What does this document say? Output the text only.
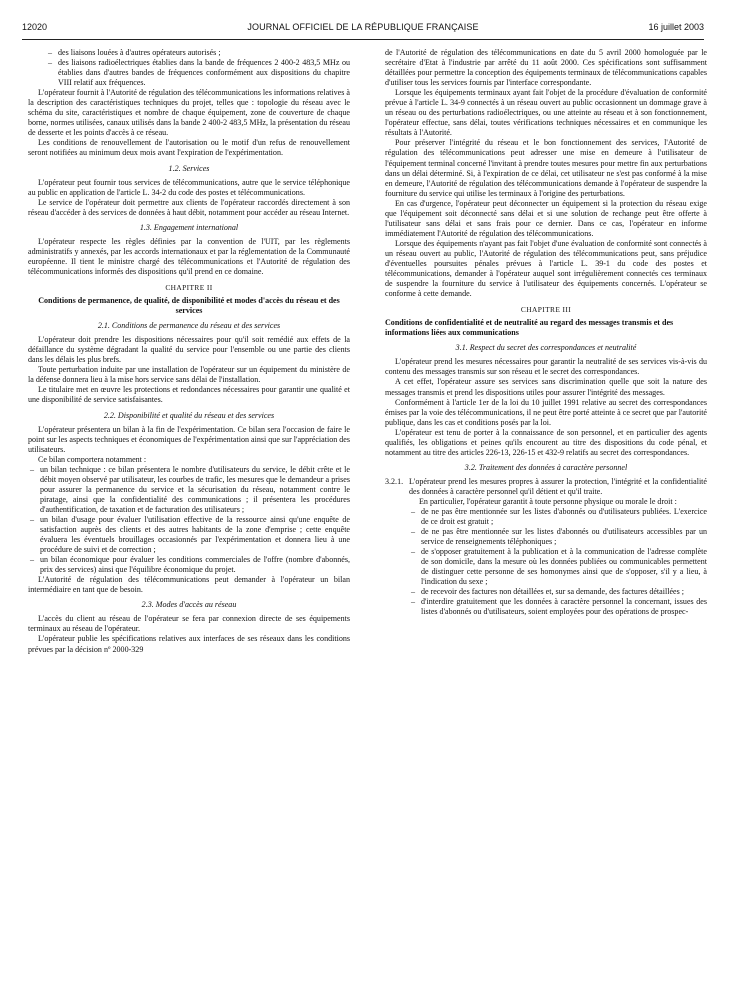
12020	JOURNAL OFFICIEL DE LA RÉPUBLIQUE FRANÇAISE	16 juillet 2003
– des liaisons louées à d'autres opérateurs autorisés ;
– des liaisons radioélectriques établies dans la bande de fréquences 2 400-2 483,5 MHz ou établies dans d'autres bandes de fréquences conformément aux dispositions du chapitre VIII relatif aux fréquences.

L'opérateur fournit à l'Autorité de régulation des télécommunications les informations relatives à la description des caractéristiques techniques du projet, telles que : topologie du réseau avec le schéma du site, caractéristiques et nombre de chaque équipement, zone de couverture de chaque borne, normes utilisées, canaux utilisés dans la bande 2 400-2 483,5 MHz, la présentation du réseau de desserte et les points d'accès à ce réseau.

Les conditions de renouvellement de l'autorisation ou le motif d'un refus de renouvellement seront notifiées au minimum deux mois avant l'expiration de l'expérimentation.

1.2. Services

L'opérateur peut fournir tous services de télécommunications, autre que le service téléphonique au public en application de l'article L. 34-2 du code des postes et télécommunications.

Le service de l'opérateur doit permettre aux clients de l'opérateur raccordés directement à son réseau d'accéder à des services de données à haut débit, notamment pour accéder au réseau Internet.

1.3. Engagement international

L'opérateur respecte les règles définies par la convention de l'UIT, par les règlements administratifs y annexés, par les accords internationaux et par la réglementation de la Communauté européenne. Il tient le ministre chargé des télécommunications et l'Autorité de régulation des télécommunications informés des dispositions qu'il prend en ce domaine.

CHAPITRE II
Conditions de permanence, de qualité, de disponibilité et modes d'accès du réseau et des services
2.1. Conditions de permanence du réseau et des services

L'opérateur doit prendre les dispositions nécessaires pour qu'il soit remédié aux effets de la défaillance du système dégradant la qualité du service pour l'ensemble ou une partie des clients dans les délais les plus brefs.

Toute perturbation induite par une installation de l'opérateur sur un équipement du ministère de la défense donnera lieu à la mise hors service sans délai de l'installation.

Le titulaire met en œuvre les protections et redondances nécessaires pour garantir une qualité et une disponibilité de service satisfaisantes.

2.2. Disponibilité et qualité du réseau et des services

L'opérateur présentera un bilan à la fin de l'expérimentation. Ce bilan sera l'occasion de faire le point sur les aspects techniques et économiques de l'expérimentation ainsi que sur l'appréciation des utilisateurs.

Ce bilan comportera notamment :

– un bilan technique : ce bilan présentera le nombre d'utilisateurs du service, le débit crête et le débit moyen observé par utilisateur, les courbes de trafic, les mesures que le demandeur a prises pour assurer la permanence du service et la sécurisation du réseau, notamment contre le piratage, ainsi que la confidentialité des communications ; il présentera les procédures d'authentification, de taxation et de facturation des utilisateurs ;
– un bilan d'usage pour évaluer l'utilisation effective de la ressource ainsi qu'une enquête de satisfaction auprès des clients et des autres habitants de la zone d'emprise ; cette enquête évaluera les éventuels brouillages occasionnés par l'expérimentation et donnera lieu à une procédure de suivi et de correction ;
– un bilan économique pour évaluer les conditions commerciales de l'offre (nombre d'abonnés, prix des services) ainsi que l'équilibre économique du projet.

L'Autorité de régulation des télécommunications peut demander à l'opérateur un bilan intermédiaire en tant que de besoin.

2.3. Modes d'accès au réseau

L'accès du client au réseau de l'opérateur se fera par connexion directe de ses équipements terminaux au réseau de l'opérateur.

L'opérateur publie les spécifications relatives aux interfaces de ses réseaux dans les conditions prévues par la décision nº 2000-329

de l'Autorité de régulation des télécommunications en date du 5 avril 2000 homologuée par le secrétaire d'Etat à l'industrie par arrêté du 11 août 2000. Ces spécifications sont suffisamment détaillées pour permettre la conception des équipements terminaux de télécommunications capables d'utiliser tous les services fournis par l'interface correspondante.

Lorsque les équipements terminaux ayant fait l'objet de la procédure d'évaluation de conformité prévue à l'article L. 34-9 connectés à un réseau ouvert au public occasionnent un dommage grave à un réseau ou des perturbations radioélectriques, ou une atteinte au réseau et à son fonctionnement, l'opérateur effectue, sans délai, toutes vérifications techniques nécessaires et en communique les résultats à l'Autorité.

Pour préserver l'intégrité du réseau et le bon fonctionnement des services, l'Autorité de régulation des télécommunications peut adresser une mise en demeure à l'utilisateur de l'équipement terminal concerné l'invitant à prendre toutes mesures pour mettre fin aux perturbations dans un délai déterminé. Si, à l'expiration de ce délai, cet utilisateur ne s'est pas conformé à la mise en demeure, l'Autorité de régulation des télécommunications demande à l'opérateur de suspendre la fourniture du service qui utilise les terminaux à l'origine des perturbations.

En cas d'urgence, l'opérateur peut déconnecter un équipement si la protection du réseau exige que l'équipement soit déconnecté sans délai et si une solution de rechange peut être offerte à l'utilisateur sans délai et sans frais pour ce dernier. Dans ce cas, l'opérateur en informe immédiatement l'Autorité de régulation des télécommunications.

Lorsque des équipements n'ayant pas fait l'objet d'une évaluation de conformité sont connectés à un réseau ouvert au public, l'Autorité de régulation des télécommunications peut, sans préjudice d'éventuelles poursuites pénales prévues à l'article L. 39-1 du code des postes et télécommunications, demander à l'opérateur auquel sont irrégulièrement connectés ces terminaux de suspendre la fourniture du service à l'utilisateur des équipements concernés. L'opérateur se conforme à cette demande.

CHAPITRE III
Conditions de confidentialité et de neutralité au regard des messages transmis et des informations liées aux communications
3.1. Respect du secret des correspondances et neutralité

L'opérateur prend les mesures nécessaires pour garantir la neutralité de ses services vis-à-vis du contenu des messages transmis sur son réseau et le secret des correspondances.

A cet effet, l'opérateur assure ses services sans discrimination quelle que soit la nature des messages transmis et prend les dispositions utiles pour assurer l'intégrité des messages.

Conformément à l'article 1er de la loi du 10 juillet 1991 relative au secret des correspondances émises par la voie des télécommunications, il ne peut être porté atteinte à ce secret que par l'autorité publique, dans les cas et conditions posés par la loi.

L'opérateur est tenu de porter à la connaissance de son personnel, et en particulier des agents qualifiés, les obligations et peines qu'ils encourent au titre des dispositions du code pénal, et notamment au titre des articles 226-13, 226-15 et 432-9 relatifs au secret des correspondances.

3.2. Traitement des données à caractère personnel

3.2.1. L'opérateur prend les mesures propres à assurer la protection, l'intégrité et la confidentialité des données à caractère personnel qu'il détient et qu'il traite.

En particulier, l'opérateur garantit à toute personne physique ou morale le droit :

– de ne pas être mentionnée sur les listes d'abonnés ou d'utilisateurs publiées. L'exercice de ce droit est gratuit ;
– de ne pas être mentionnée sur les listes d'abonnés ou d'utilisateurs accessibles par un service de renseignements téléphoniques ;
– de s'opposer gratuitement à la publication et à la communication de l'adresse complète de son domicile, dans la mesure où les données publiées ou communicables permettent de distinguer cette personne de ses homonymes ainsi que de s'opposer, s'il y a lieu, à l'indication du sexe ;
– de recevoir des factures non détaillées et, sur sa demande, des factures détaillées ;
– d'interdire gratuitement que les données à caractère personnel la concernant, issues des listes d'abonnés ou d'utilisateurs, soient employées pour des opérations de prospec-
